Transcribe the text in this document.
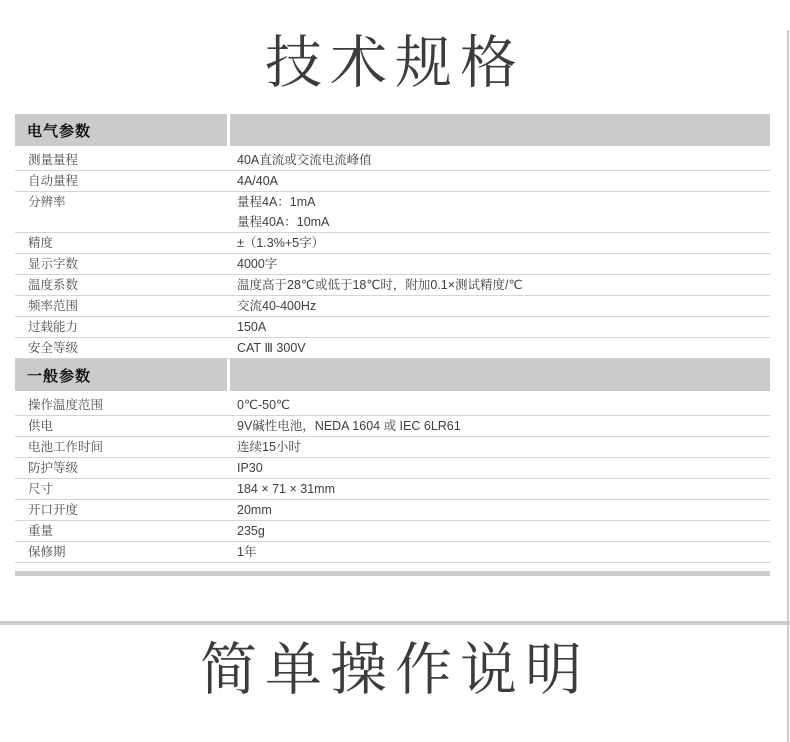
技术规格
电气参数
测量量程	40A直流或交流电流峰值
自动量程	4A/40A
分辨率	量程4A：1mA
量程40A：10mA
精度	±（1.3%+5字）
显示字数	4000字
温度系数	温度高于28℃或低于18℃时，附加0.1×测试精度/℃
频率范围	交流40-400Hz
过载能力	150A
安全等级	CAT Ⅲ 300V
一般参数
操作温度范围	0℃-50℃
供电	9V碱性电池，NEDA 1604 或 IEC 6LR61
电池工作时间	连续15小时
防护等级	IP30
尺寸	184 × 71 × 31mm
开口开度	20mm
重量	235g
保修期	1年
简单操作说明
